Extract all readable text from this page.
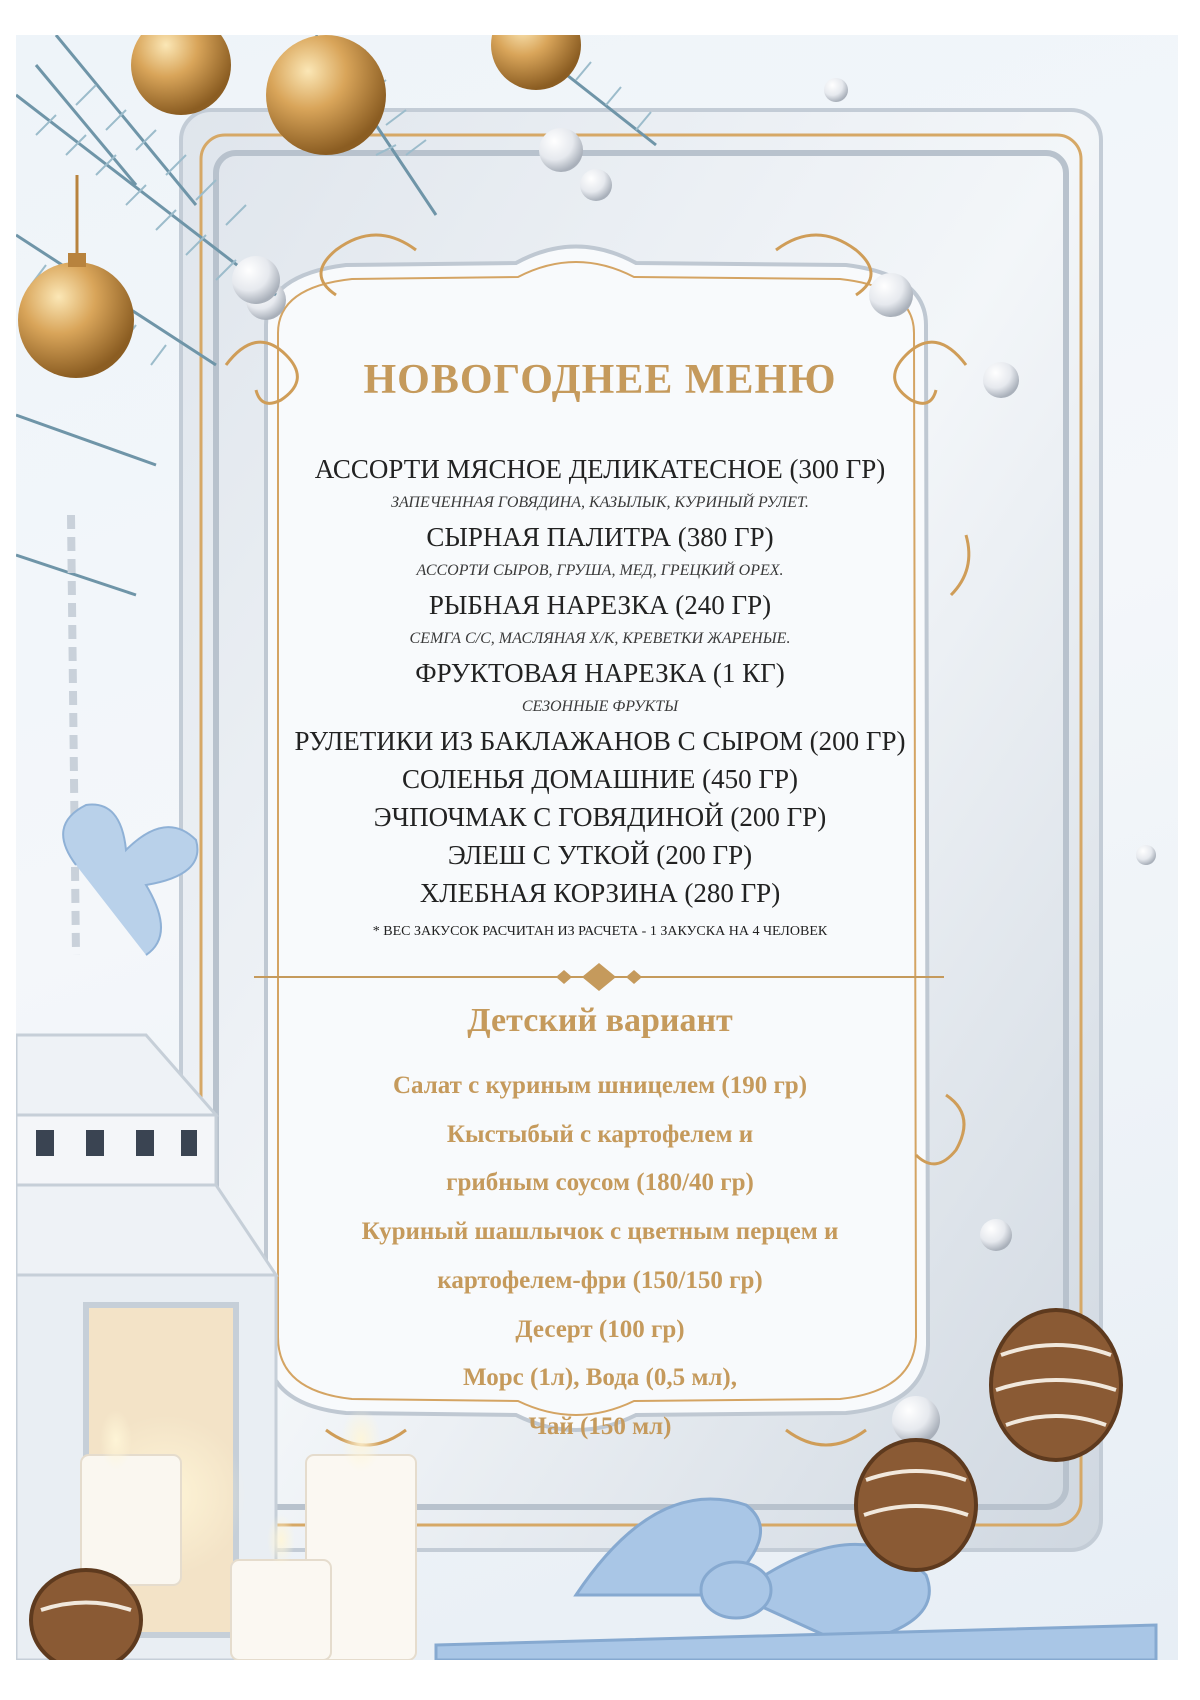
НОВОГОДНЕЕ МЕНЮ
АССОРТИ МЯСНОЕ ДЕЛИКАТЕСНОЕ (300 ГР)
ЗАПЕЧЕННАЯ ГОВЯДИНА, КАЗЫЛЫК, КУРИНЫЙ РУЛЕТ.
СЫРНАЯ ПАЛИТРА (380 ГР)
АССОРТИ СЫРОВ, ГРУША, МЕД, ГРЕЦКИЙ ОРЕХ.
РЫБНАЯ НАРЕЗКА (240 ГР)
СЕМГА С/С, МАСЛЯНАЯ Х/К, КРЕВЕТКИ ЖАРЕНЫЕ.
ФРУКТОВАЯ НАРЕЗКА (1 КГ)
СЕЗОННЫЕ ФРУКТЫ
РУЛЕТИКИ ИЗ БАКЛАЖАНОВ С СЫРОМ (200 ГР)
СОЛЕНЬЯ ДОМАШНИЕ (450 ГР)
ЭЧПОЧМАК С ГОВЯДИНОЙ (200 ГР)
ЭЛЕШ С УТКОЙ (200 ГР)
ХЛЕБНАЯ КОРЗИНА (280 ГР)
* ВЕС ЗАКУСОК РАСЧИТАН ИЗ РАСЧЕТА - 1 ЗАКУСКА НА 4 ЧЕЛОВЕК
Детский вариант
Салат с куриным шницелем (190 гр)
Кыстыбый с картофелем и
грибным соусом (180/40 гр)
Куриный шашлычок с цветным перцем и
картофелем-фри (150/150 гр)
Десерт (100 гр)
Морс (1л), Вода (0,5 мл),
Чай (150 мл)
